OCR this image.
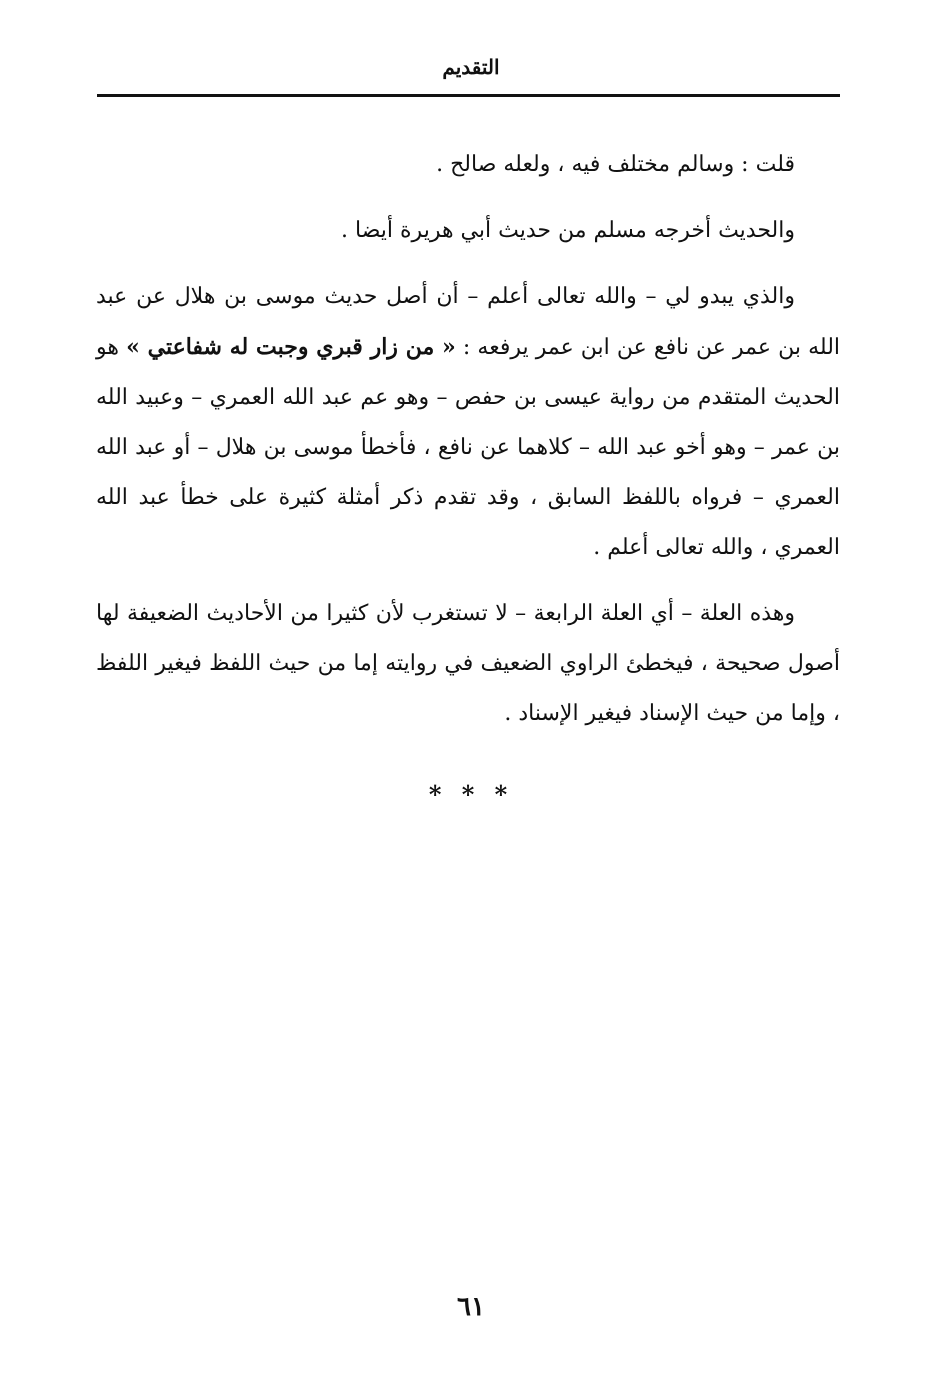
التقديم

قلت : وسالم مختلف فيه ، ولعله صالح .

والحديث أخرجه مسلم من حديث أبي هريرة أيضا .

والذي يبدو لي – والله تعالى أعلم – أن أصل حديث موسى بن هلال عن عبد الله بن عمر عن نافع عن ابن عمر يرفعه : « من زار قبري وجبت له شفاعتي » هو الحديث المتقدم من رواية عيسى بن حفص – وهو عم عبد الله العمري – وعبيد الله بن عمر – وهو أخو عبد الله – كلاهما عن نافع ، فأخطأ موسى بن هلال – أو عبد الله العمري – فرواه باللفظ السابق ، وقد تقدم ذكر أمثلة كثيرة على خطأ عبد الله العمري ، والله تعالى أعلم .

وهذه العلة – أي العلة الرابعة – لا تستغرب لأن كثيرا من الأحاديث الضعيفة لها أصول صحيحة ، فيخطئ الراوي الضعيف في روايته إما من حيث اللفظ فيغير اللفظ ، وإما من حيث الإسناد فيغير الإسناد .

* * *
٦١
